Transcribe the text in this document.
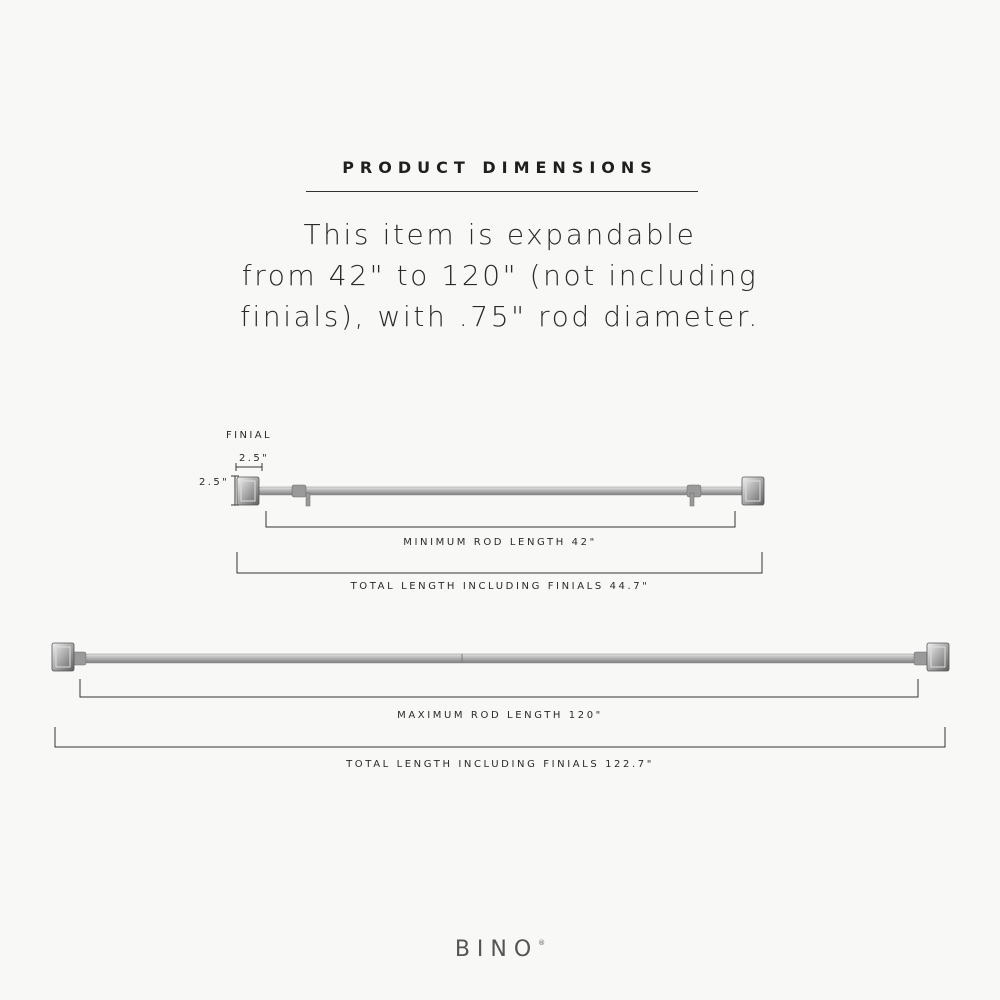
PRODUCT DIMENSIONS
This item is expandable
from 42" to 120" (not including
finials), with .75" rod diameter.
FINIAL
2.5"
2.5"
MINIMUM ROD LENGTH 42"
TOTAL LENGTH INCLUDING FINIALS 44.7"
MAXIMUM ROD LENGTH 120"
TOTAL LENGTH INCLUDING FINIALS 122.7"
BINO®
